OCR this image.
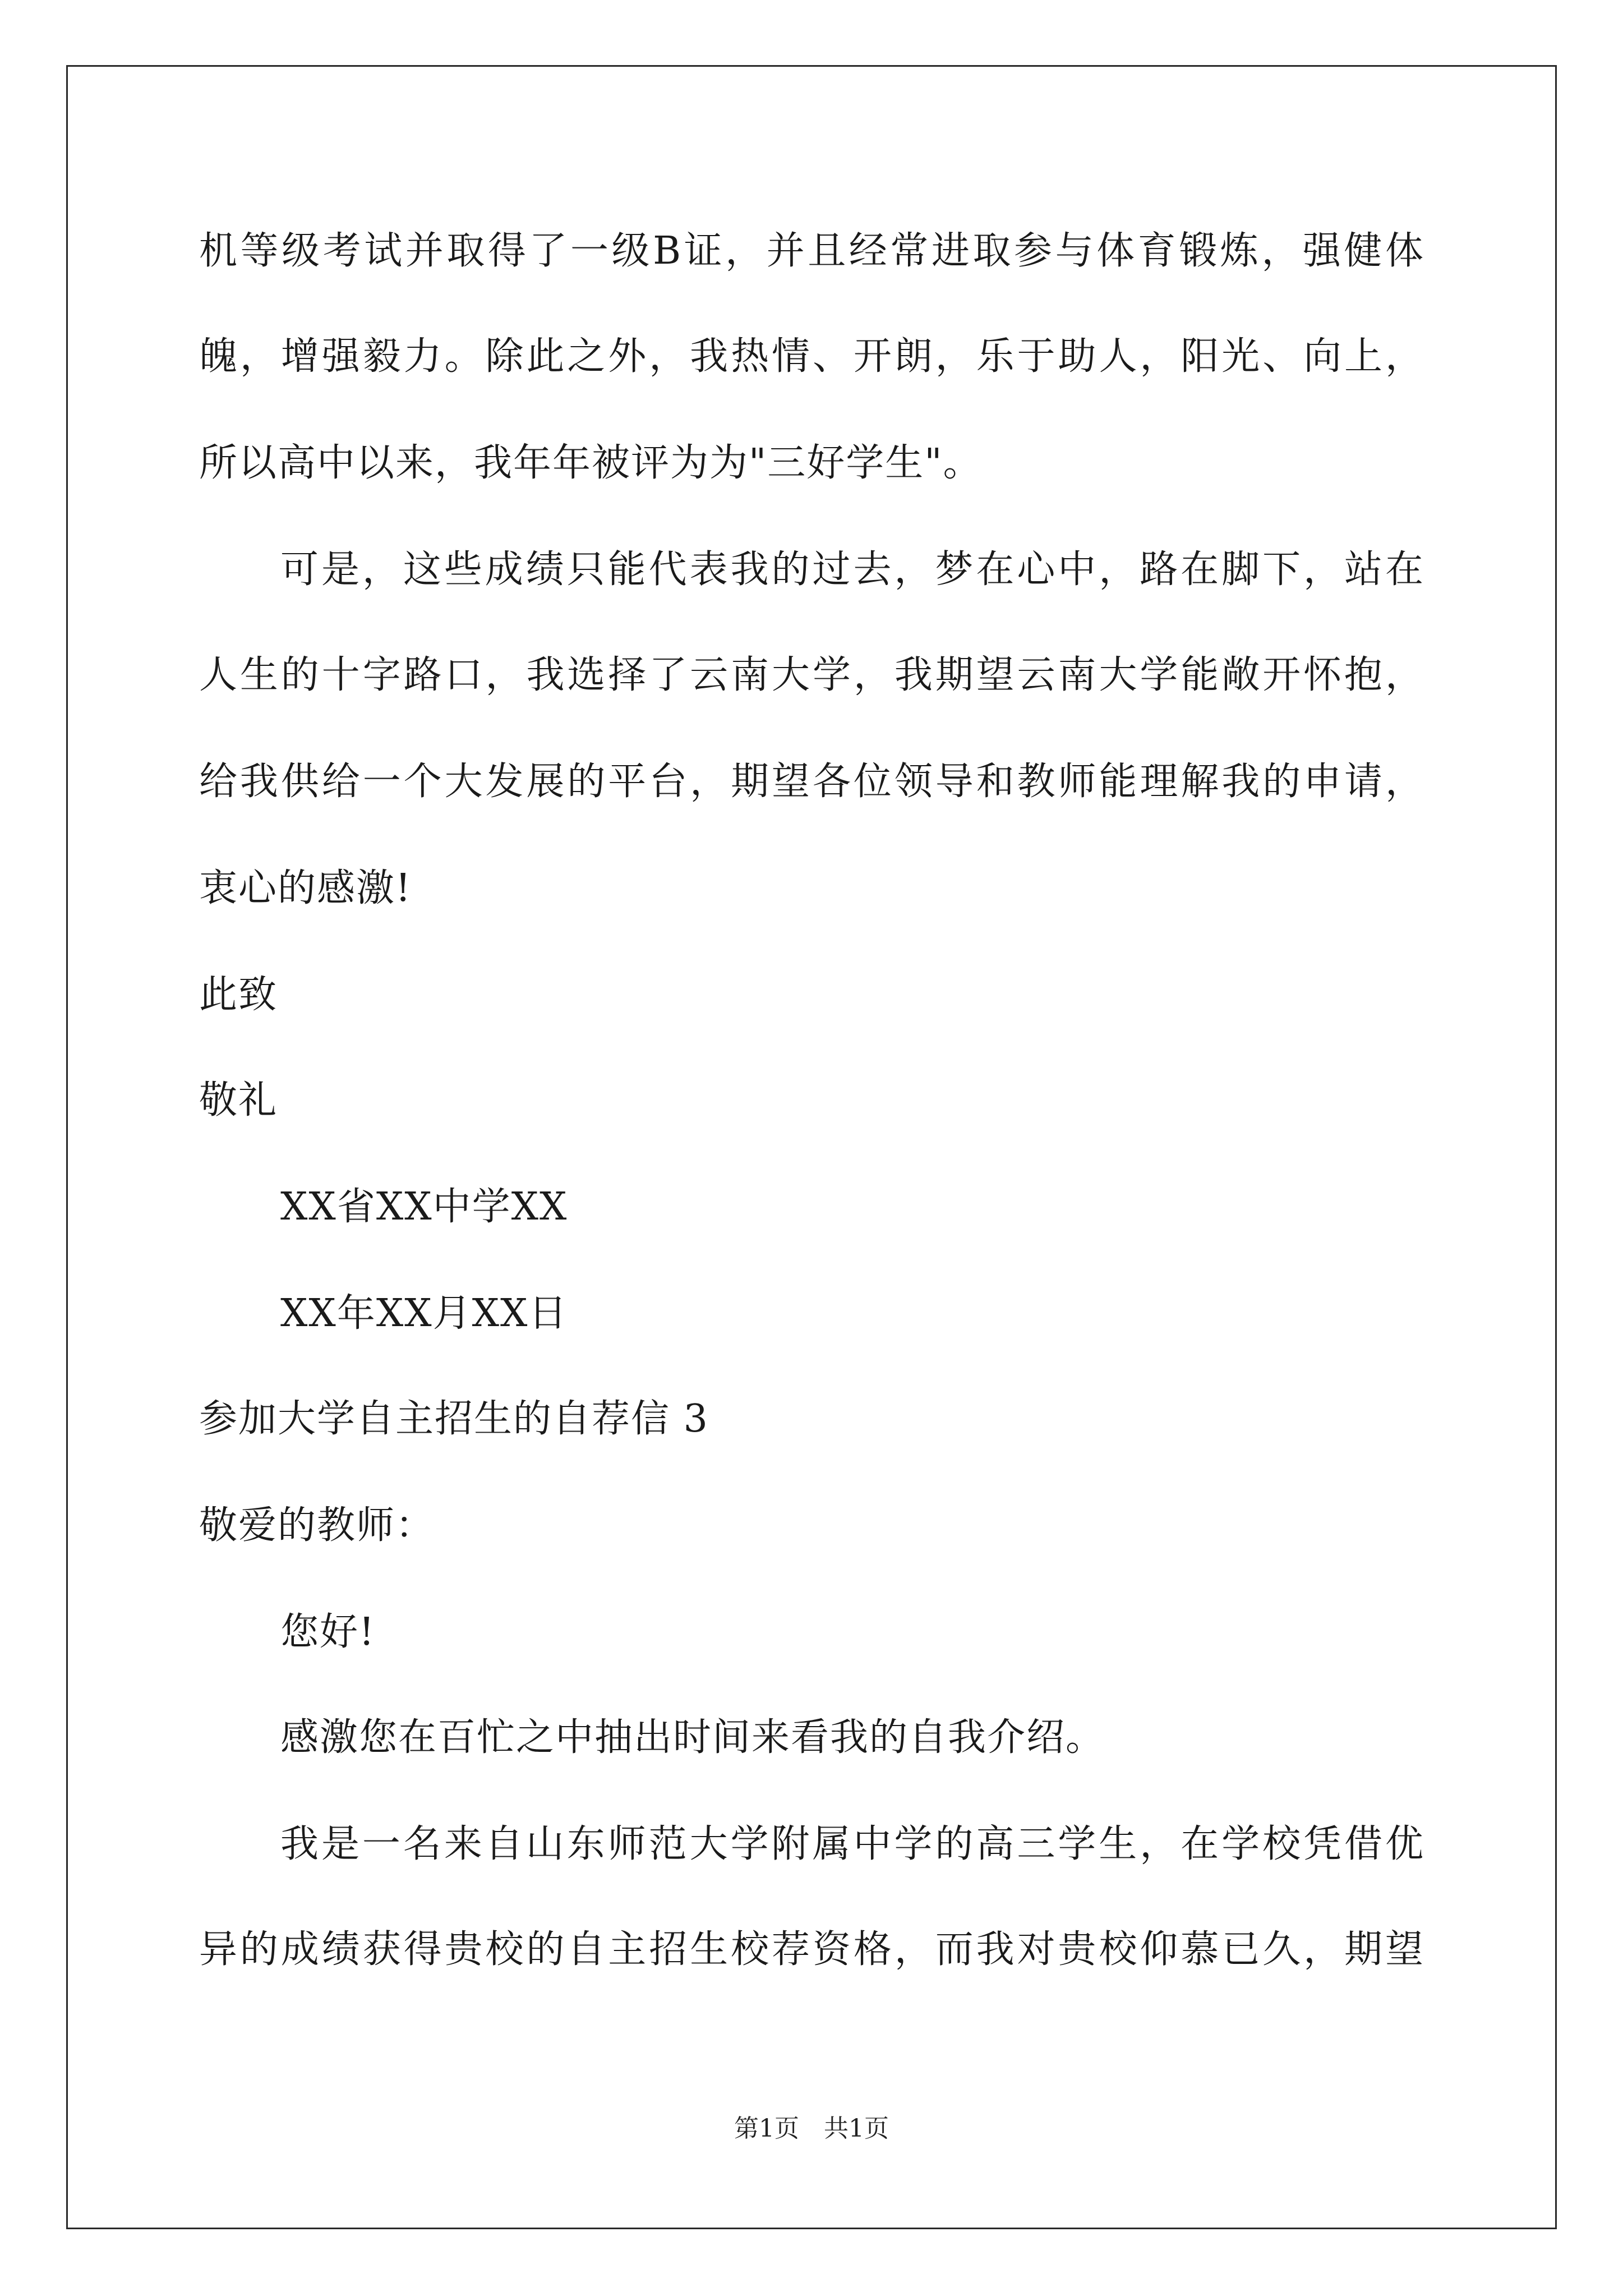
机等级考试并取得了一级B证，并且经常进取参与体育锻炼，强健体
魄，增强毅力。除此之外，我热情、开朗，乐于助人，阳光、向上，
所以高中以来，我年年被评为为"三好学生"。
可是，这些成绩只能代表我的过去，梦在心中，路在脚下，站在
人生的十字路口，我选择了云南大学，我期望云南大学能敞开怀抱，
给我供给一个大发展的平台，期望各位领导和教师能理解我的申请，
衷心的感激!
此致
敬礼
XX省XX中学XX
XX年XX月XX日
参加大学自主招生的自荐信 3
敬爱的教师：
您好!
感激您在百忙之中抽出时间来看我的自我介绍。
我是一名来自山东师范大学附属中学的高三学生，在学校凭借优
异的成绩获得贵校的自主招生校荐资格，而我对贵校仰慕已久，期望
第1页　共1页
